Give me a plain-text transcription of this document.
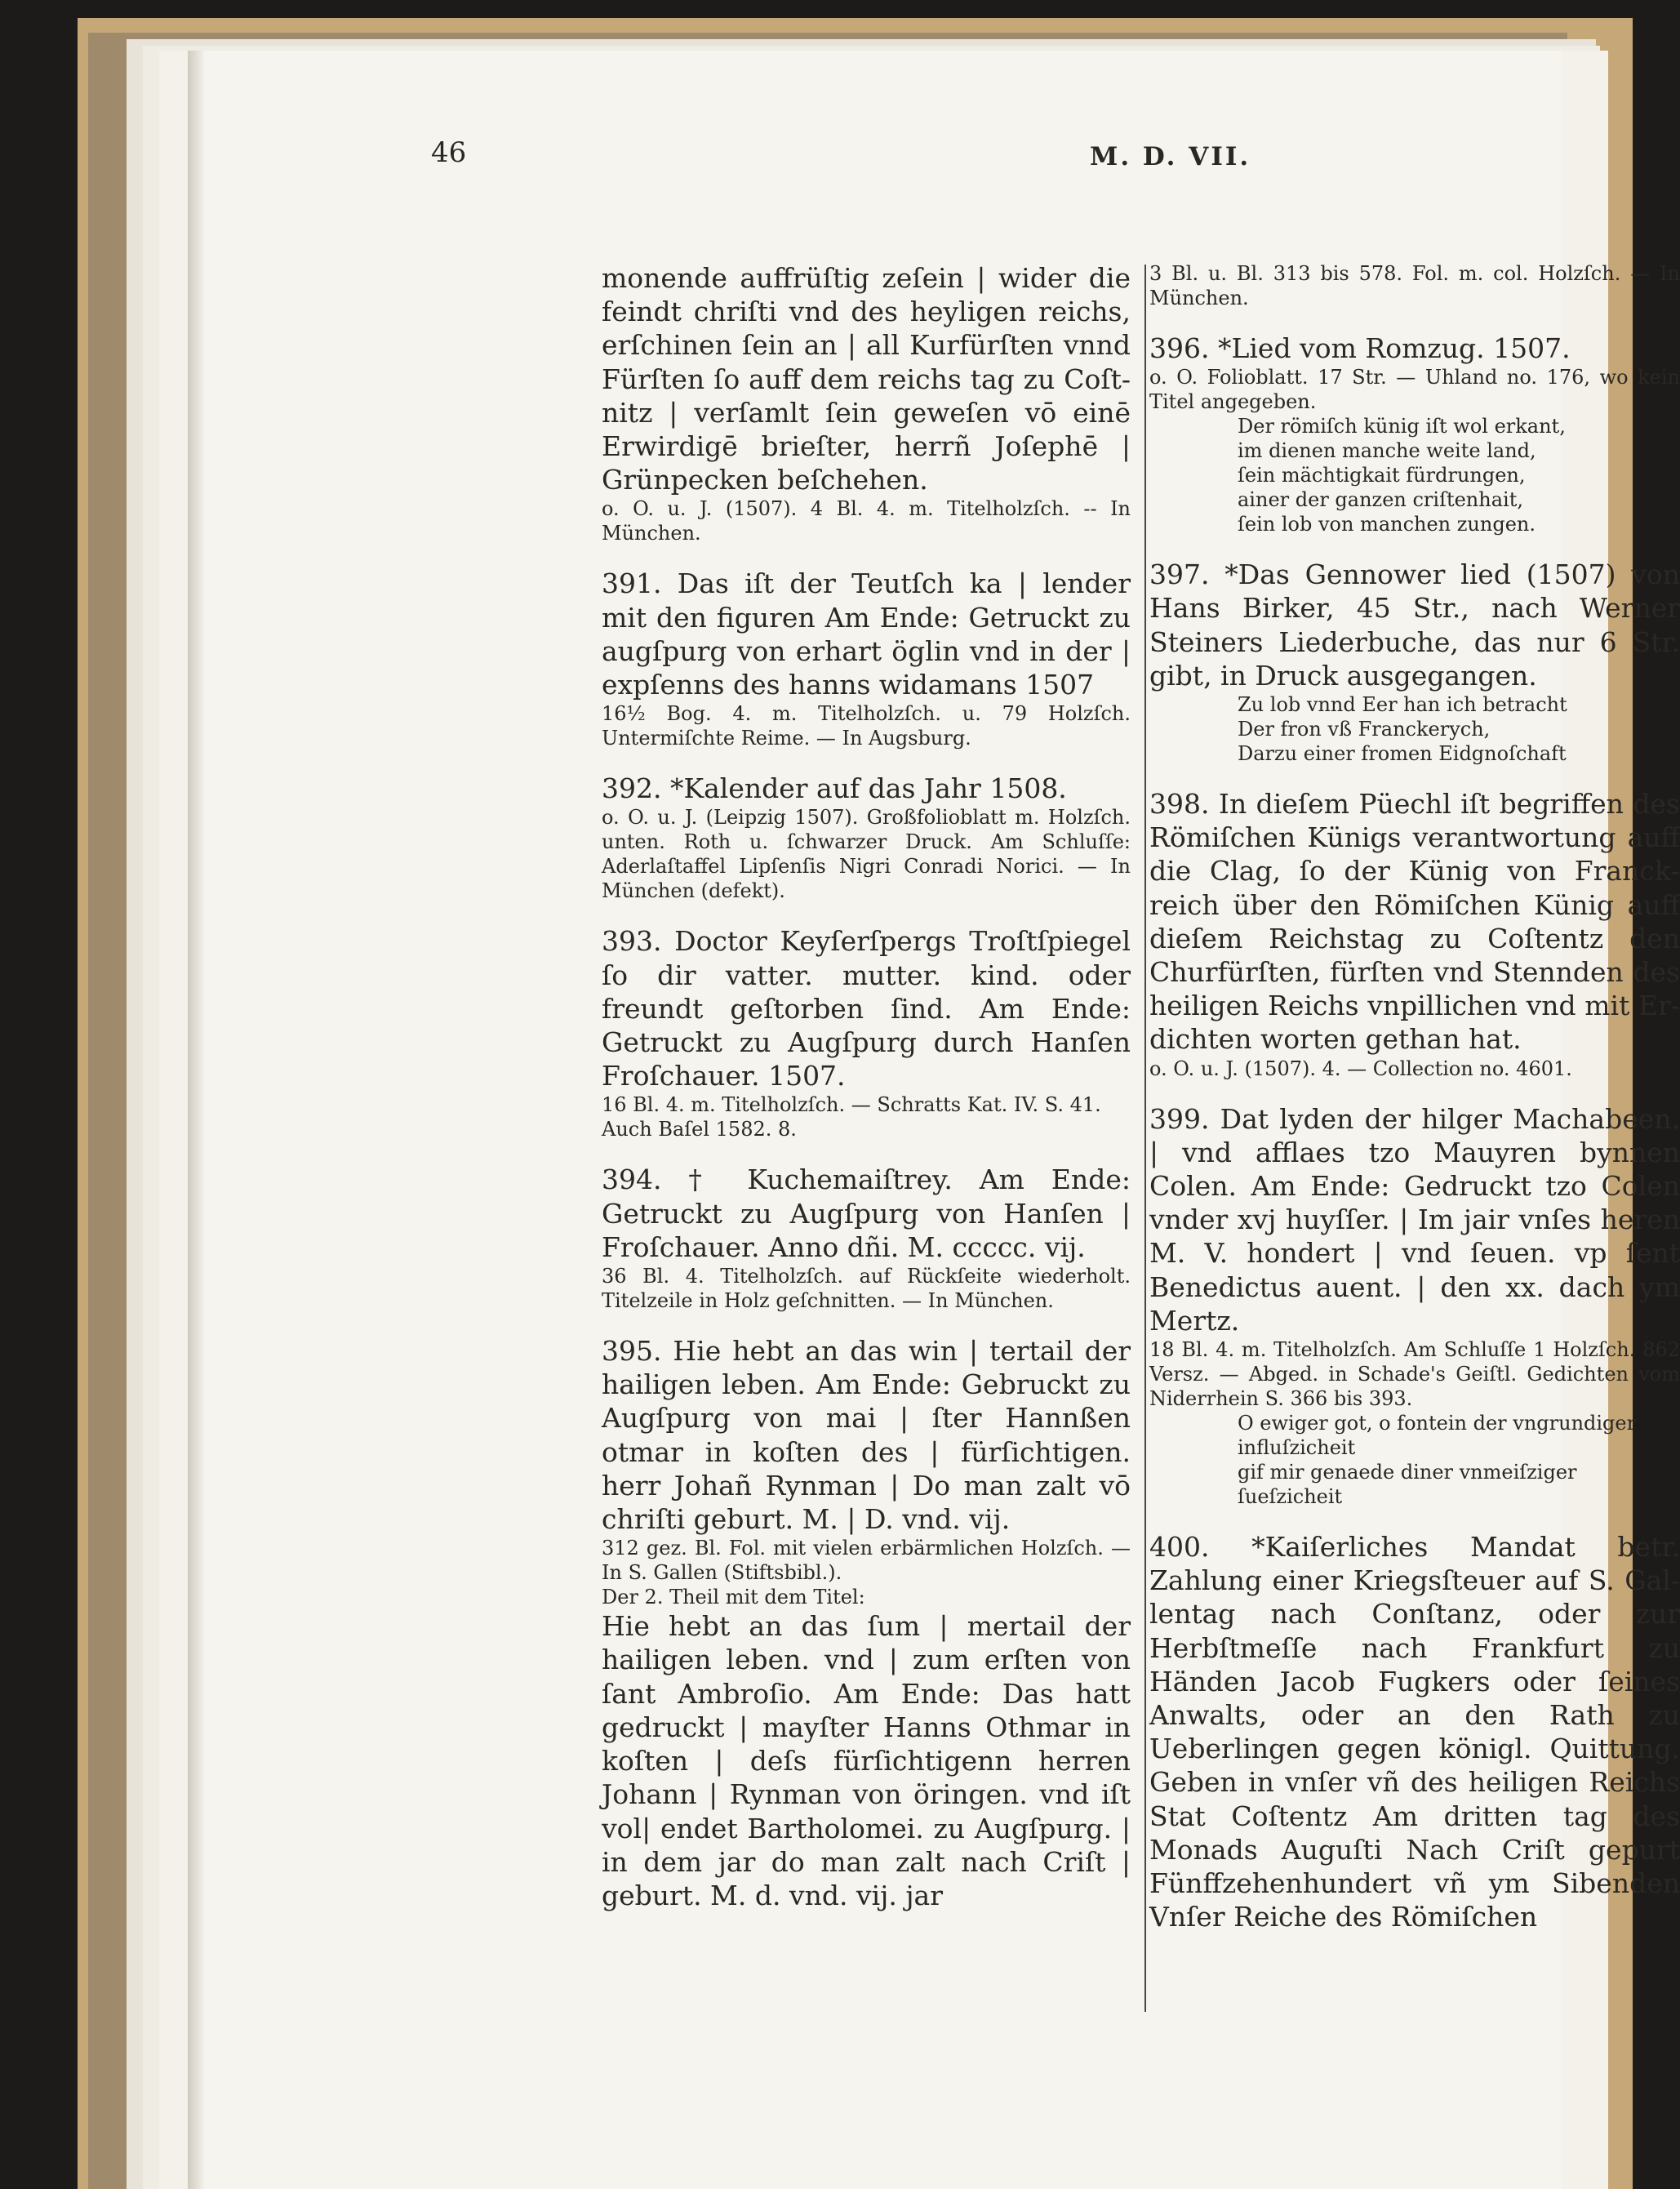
46	M. D. VII.

monende auffrüſtig zeſein | wider die feindt chriſti vnd des heyligen reichs, erſchinen ſein an | all Kurfürſten vnnd Fürſten ſo auff dem reichs tag zu Coſtnitz | verſamlt ſein geweſen vō einē Erwirdigē brieſter, herrñ Joſephē | Grünpecken beſchehen.

o. O. u. J. (1507). 4 Bl. 4. m. Titelholzſch. -- In München.

391. Das iſt der Teutſch ka | lender mit den figuren Am Ende: Getruckt zu augſpurg von erhart öglin vnd in der | expſenns des hanns widamans 1507

16½ Bog. 4. m. Titelholzſch. u. 79 Holzſch. Untermiſchte Reime. — In Augsburg.

392. *Kalender auf das Jahr 1508.

o. O. u. J. (Leipzig 1507). Großfolioblatt m. Holzſch. unten. Roth u. ſchwarzer Druck. Am Schluſſe: Aderlaſtaffel Lipſenſis Nigri Conradi Norici. — In München (defekt).

393. Doctor Keyſerſpergs Troſtſpiegel ſo dir vatter. mutter. kind. oder freundt geſtorben ſind. Am Ende: Getruckt zu Augſpurg durch Hanſen Froſchauer. 1507.

16 Bl. 4. m. Titelholzſch. — Schratts Kat. IV. S. 41.

Auch Baſel 1582. 8.

394. † Kuchemaiſtrey. Am Ende: Getruckt zu Augſpurg von Hanſen | Froſchauer. Anno dñi. M. ccccc. vij.

36 Bl. 4. Titelholzſch. auf Rückſeite wiederholt. Titelzeile in Holz geſchnitten. — In München.

395. Hie hebt an das win | tertail der hailigen leben. Am Ende: Gebruckt zu Augſpurg von mai | ſter Hannßen otmar in koſten des | fürſichtigen. herr Johañ Rynman | Do man zalt vō chriſti geburt. M. | D. vnd. vij.

312 gez. Bl. Fol. mit vielen erbärmlichen Holzſch. — In S. Gallen (Stiftsbibl.).

Der 2. Theil mit dem Titel:

Hie hebt an das ſum | mertail der hailigen leben. vnd | zum erſten von ſant Ambroſio. Am Ende: Das hatt gedruckt | mayſter Hanns Othmar in koſten | deſs fürſichtigenn herren Johann | Rynman von öringen. vnd iſt vol| endet Bartholomei. zu Augſpurg. | in dem jar do man zalt nach Criſt | geburt. M. d. vnd. vij. jar

3 Bl. u. Bl. 313 bis 578. Fol. m. col. Holzſch. — In München.

396. *Lied vom Romzug. 1507.

o. O. Folioblatt. 17 Str. — Uhland no. 176, wo kein Titel angegeben.

Der römiſch künig iſt wol erkant,

im dienen manche weite land,

ſein mächtigkait fürdrungen,

ainer der ganzen criſtenhait,

ſein lob von manchen zungen.

397. *Das Gennower lied (1507) von Hans Birker, 45 Str., nach Werner Steiners Liederbuche, das nur 6 Str. gibt, in Druck ausgegangen.

Zu lob vnnd Eer han ich betracht

Der fron vß Franckerych,

Darzu einer fromen Eidgnoſchaft

398. In dieſem Püechl iſt begriffen des Römiſchen Künigs verantwortung auff die Clag, ſo der Künig von Franckreich über den Römiſchen Künig auff dieſem Reichstag zu Coſtentz den Churfürſten, fürſten vnd Stennden des heiligen Reichs vnpillichen vnd mit Erdichten worten gethan hat.

o. O. u. J. (1507). 4. — Collection no. 4601.

399. Dat lyden der hilger Machabeen. | vnd afflaes tzo Mauyren bynnen Colen. Am Ende: Gedruckt tzo Colen vnder xvj huyſſer. | Im jair vnſes heren M. V. hondert | vnd ſeuen. vp ſent Benedictus auent. | den xx. dach ym Mertz.

18 Bl. 4. m. Titelholzſch. Am Schluſſe 1 Holzſch. 862 Versz. — Abged. in Schade's Geiſtl. Gedichten vom Niderrhein S. 366 bis 393.

O ewiger got, o fontein der vngrundiger influſzicheit

gif mir genaede diner vnmeiſziger ſueſzicheit

400. *Kaiſerliches Mandat betr. Zahlung einer Kriegsſteuer auf S. Gallentag nach Conſtanz, oder zur Herbſtmeſſe nach Frankfurt zu Händen Jacob Fugkers oder ſeines Anwalts, oder an den Rath zu Ueberlingen gegen königl. Quittung. Geben in vnſer vñ des heiligen Reichs Stat Coſtentz Am dritten tag des Monads Auguſti Nach Criſt gepurt Fünffzehenhundert vñ ym Sibenden Vnſer Reiche des Römiſchen
